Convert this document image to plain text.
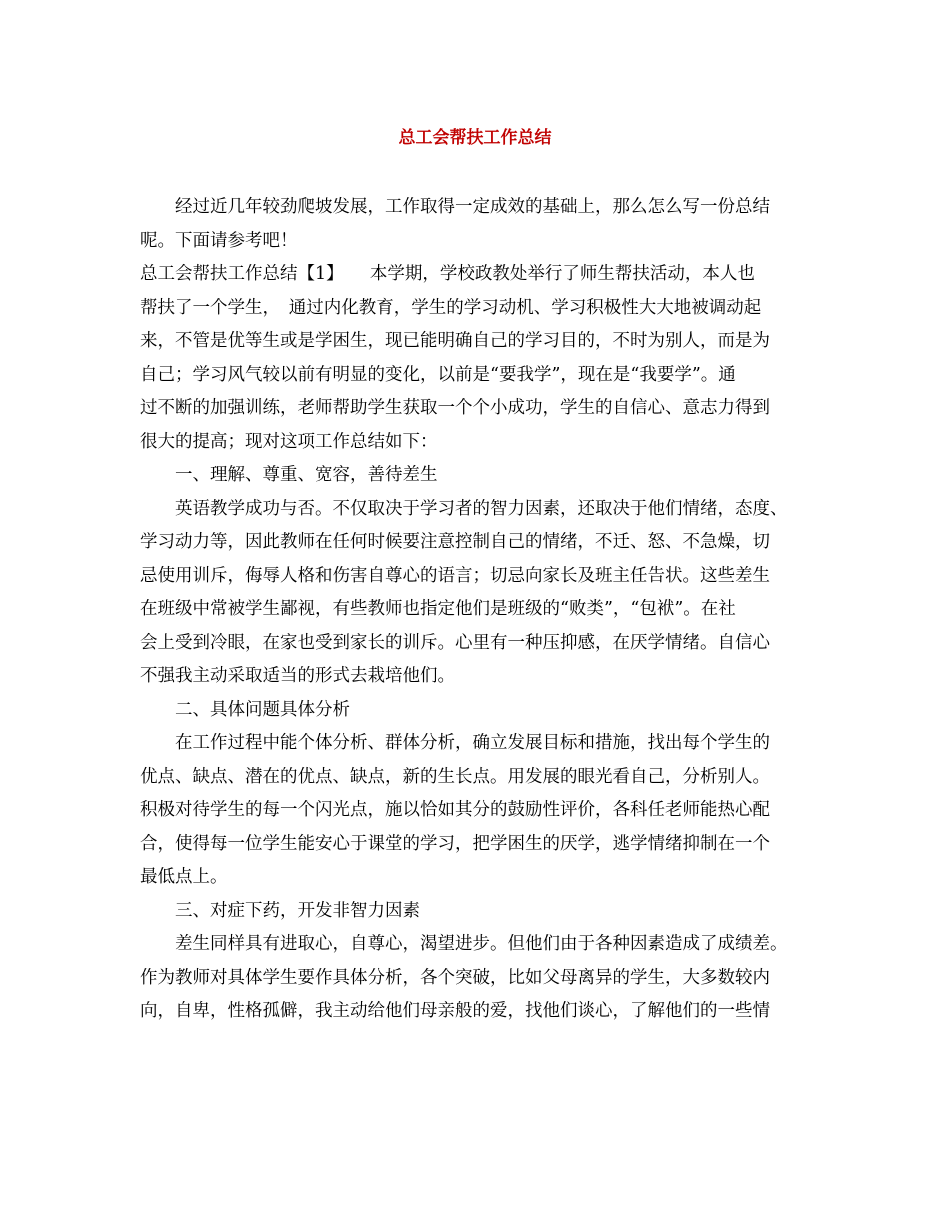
总工会帮扶工作总结
经过近几年较劲爬坡发展，工作取得一定成效的基础上，那么怎么写一份总结
呢。下面请参考吧！
总工会帮扶工作总结【1】　　本学期，学校政教处举行了师生帮扶活动，本人也
帮扶了一个学生，　通过内化教育，学生的学习动机、学习积极性大大地被调动起
来，不管是优等生或是学困生，现已能明确自己的学习目的，不时为别人，而是为
自己；学习风气较以前有明显的变化，以前是“要我学”，现在是“我要学”。通
过不断的加强训练，老师帮助学生获取一个个小成功，学生的自信心、意志力得到
很大的提高；现对这项工作总结如下：
一、理解、尊重、宽容，善待差生
英语教学成功与否。不仅取决于学习者的智力因素，还取决于他们情绪，态度、
学习动力等，因此教师在任何时候要注意控制自己的情绪，不迁、怒、不急燥，切
忌使用训斥，侮辱人格和伤害自尊心的语言；切忌向家长及班主任告状。这些差生
在班级中常被学生鄙视，有些教师也指定他们是班级的“败类”，“包袱”。在社
会上受到冷眼，在家也受到家长的训斥。心里有一种压抑感，在厌学情绪。自信心
不强我主动采取适当的形式去栽培他们。
二、具体问题具体分析
在工作过程中能个体分析、群体分析，确立发展目标和措施，找出每个学生的
优点、缺点、潜在的优点、缺点，新的生长点。用发展的眼光看自己，分析别人。
积极对待学生的每一个闪光点，施以恰如其分的鼓励性评价，各科任老师能热心配
合，使得每一位学生能安心于课堂的学习，把学困生的厌学，逃学情绪抑制在一个
最低点上。
三、对症下药，开发非智力因素
差生同样具有进取心，自尊心，渴望进步。但他们由于各种因素造成了成绩差。
作为教师对具体学生要作具体分析，各个突破，比如父母离异的学生，大多数较内
向，自卑，性格孤僻，我主动给他们母亲般的爱，找他们谈心，了解他们的一些情
